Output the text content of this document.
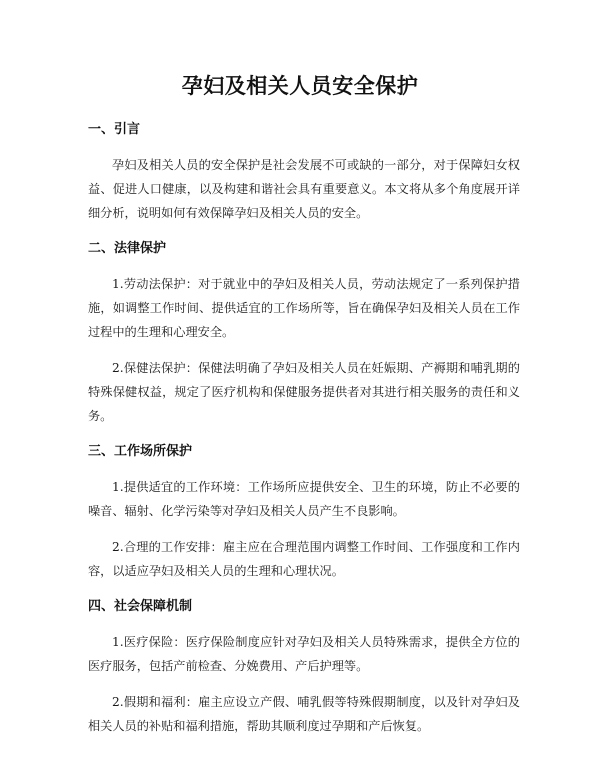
孕妇及相关人员安全保护
一、引言

孕妇及相关人员的安全保护是社会发展不可或缺的一部分，对于保障妇女权益、促进人口健康，以及构建和谐社会具有重要意义。本文将从多个角度展开详细分析，说明如何有效保障孕妇及相关人员的安全。

二、法律保护

1.劳动法保护：对于就业中的孕妇及相关人员，劳动法规定了一系列保护措施，如调整工作时间、提供适宜的工作场所等，旨在确保孕妇及相关人员在工作过程中的生理和心理安全。

2.保健法保护：保健法明确了孕妇及相关人员在妊娠期、产褥期和哺乳期的特殊保健权益，规定了医疗机构和保健服务提供者对其进行相关服务的责任和义务。

三、工作场所保护

1.提供适宜的工作环境：工作场所应提供安全、卫生的环境，防止不必要的噪音、辐射、化学污染等对孕妇及相关人员产生不良影响。

2.合理的工作安排：雇主应在合理范围内调整工作时间、工作强度和工作内容，以适应孕妇及相关人员的生理和心理状况。

四、社会保障机制

1.医疗保险：医疗保险制度应针对孕妇及相关人员特殊需求，提供全方位的医疗服务，包括产前检查、分娩费用、产后护理等。

2.假期和福利：雇主应设立产假、哺乳假等特殊假期制度，以及针对孕妇及相关人员的补贴和福利措施，帮助其顺利度过孕期和产后恢复。
